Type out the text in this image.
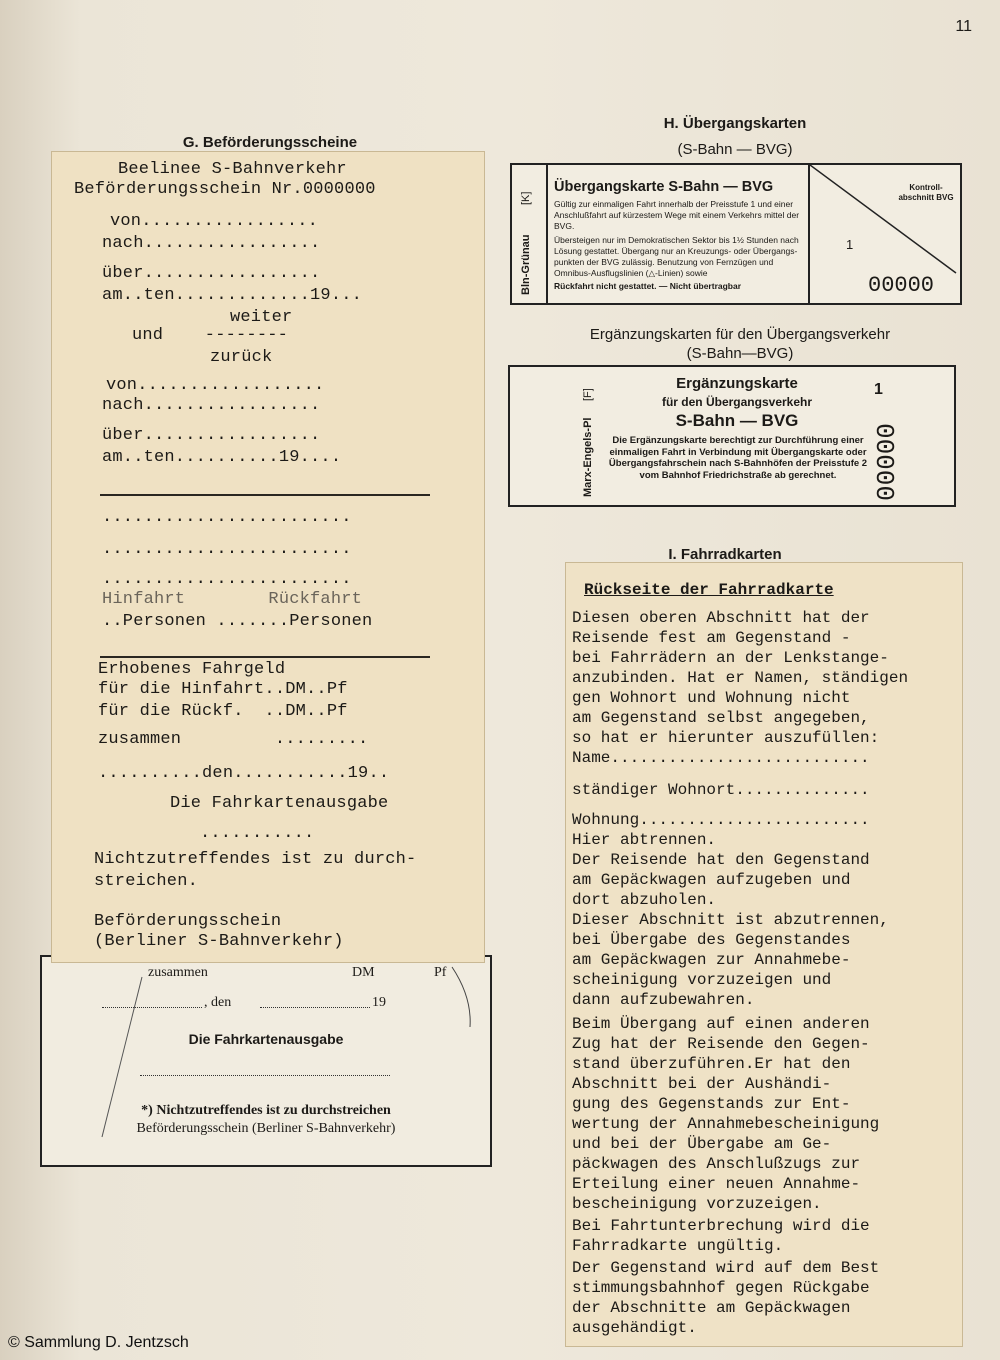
11
G. Beförderungsscheine
zusammen	DM	Pf
, den	19
Die Fahrkartenausgabe
*) Nichtzutreffendes ist zu durchstreichen
Beförderungsschein (Berliner S-Bahnverkehr)
Beelinee S-Bahnverkehr
Beförderungsschein Nr.0000000
von.................
nach.................
über.................
am..ten.............19...
weiter
und    --------
zurück
von..................
nach.................
über.................
am..ten..........19....
........................
........................
........................
Hinfahrt        Rückfahrt
..Personen .......Personen
Erhobenes Fahrgeld
für die Hinfahrt..DM..Pf
für die Rückf.  ..DM..Pf
zusammen         .........
..........den...........19..
Die Fahrkartenausgabe
...........
Nichtzutreffendes ist zu durch-
streichen.
Beförderungsschein
(Berliner S-Bahnverkehr)
H. Übergangskarten
(S-Bahn — BVG)
Bln-Grünau
[K]
Übergangskarte S-Bahn — BVG
Gültig zur einmaligen Fahrt innerhalb der Preisstufe 1 und einer Anschlußfahrt auf kürzestem Wege mit einem Verkehrs mittel der BVG.
Übersteigen nur im Demokratischen Sektor bis 1½ Stunden nach Lösung gestattet. Übergang nur an Kreuzungs- oder Übergangs-punkten der BVG zulässig. Benutzung von Fernzügen und Omnibus-Ausflugslinien (△-Linien) sowie
Rückfahrt nicht gestattet. — Nicht übertragbar
Kontroll-abschnitt BVG
1
00000
Ergänzungskarten für den Übergangsverkehr
(S-Bahn—BVG)
Marx-Engels-Pl
[F]
Ergänzungskarte
für den Übergangsverkehr
S-Bahn — BVG
Die Ergänzungskarte berechtigt zur Durchführung einer einmaligen Fahrt in Verbindung mit Übergangskarte oder Übergangsfahrschein nach S-Bahnhöfen der Preisstufe 2 vom Bahnhof Friedrichstraße ab gerechnet.
1
00000
I. Fahrradkarten
Rückseite der Fahrradkarte
Diesen oberen Abschnitt hat der
Reisende fest am Gegenstand -
bei Fahrrädern an der Lenkstange-
anzubinden. Hat er Namen, ständigen
gen Wohnort und Wohnung nicht
am Gegenstand selbst angegeben,
so hat er hierunter auszufüllen:
Name...........................
ständiger Wohnort..............
Wohnung........................
Hier abtrennen.
Der Reisende hat den Gegenstand
am Gepäckwagen aufzugeben und
dort abzuholen.
Dieser Abschnitt ist abzutrennen,
bei Übergabe des Gegenstandes
am Gepäckwagen zur Annahmebe-
scheinigung vorzuzeigen und
dann aufzubewahren.
Beim Übergang auf einen anderen
Zug hat der Reisende den Gegen-
stand überzuführen.Er hat den
Abschnitt bei der Aushändi-
gung des Gegenstands zur Ent-
wertung der Annahmebescheinigung
und bei der Übergabe am Ge-
päckwagen des Anschlußzugs zur
Erteilung einer neuen Annahme-
bescheinigung vorzuzeigen.
Bei Fahrtunterbrechung wird die
Fahrradkarte ungültig.
Der Gegenstand wird auf dem Best
stimmungsbahnhof gegen Rückgabe
der Abschnitte am Gepäckwagen
ausgehändigt.
© Sammlung D. Jentzsch
